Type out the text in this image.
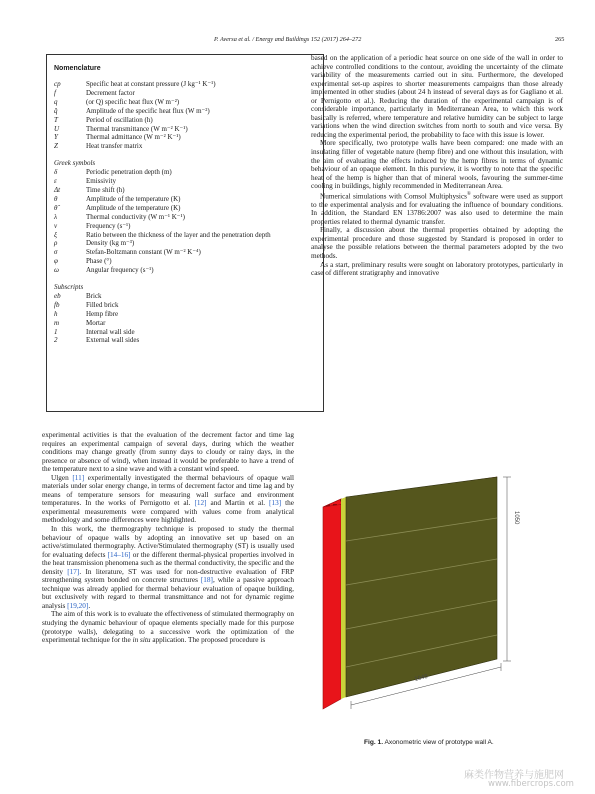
P. Aversa et al. / Energy and Buildings 152 (2017) 264–272	265
Nomenclature
cp	Specific heat at constant pressure (J kg⁻¹ K⁻¹)
f	Decrement factor
q	(or Q) specific heat flux (W m⁻²)
q̂	Amplitude of the specific heat flux (W m⁻²)
T	Period of oscillation (h)
U	Thermal transmittance (W m⁻² K⁻¹)
Y	Thermal admittance (W m⁻² K⁻¹)
Z	Heat transfer matrix
Greek symbols
δ	Periodic penetration depth (m)
ε	Emissivity
Δt	Time shift (h)
θ	Amplitude of the temperature (K)
θ̂	Amplitude of the temperature (K)
λ	Thermal conductivity (W m⁻¹ K⁻¹)
ν	Frequency (s⁻¹)
ξ	Ratio between the thickness of the layer and the penetration depth
ρ	Density (kg m⁻³)
σ	Stefan-Boltzmann constant (W m⁻² K⁻⁴)
φ	Phase (°)
ω	Angular frequency (s⁻¹)
Subscripts
eb	Brick
fb	Filled brick
h	Hemp fibre
m	Mortar
1	Internal wall side
2	External wall sides

experimental activities is that the evaluation of the decrement factor and time lag requires an experimental campaign of several days, during which the weather conditions may change greatly (from sunny days to cloudy or rainy days, in the presence or absence of wind), when instead it would be preferable to have a trend of the temperature next to a sine wave and with a constant wind speed.

Ulgen [11] experimentally investigated the thermal behaviours of opaque wall materials under solar energy change, in terms of decrement factor and time lag and by means of temperature sensors for measuring wall surface and environment temperatures. In the works of Pernigotto et al. [12] and Martin et al. [13] the experimental measurements were compared with values come from analytical methodology and some differences were highlighted.

In this work, the thermography technique is proposed to study the thermal behaviour of opaque walls by adopting an innovative set up based on an active/stimulated thermography. Active/Stimulated thermography (ST) is usually used for evaluating defects [14–16] or the different thermal-physical properties involved in the heat transmission phenomena such as the thermal conductivity, the specific and the density [17]. In literature, ST was used for non-destructive evaluation of FRP strengthening system bonded on concrete structures [18], while a passive approach technique was already applied for thermal behaviour evaluation of opaque building, but exclusively with regard to thermal transmittance and not for dynamic regime analysis [19,20].

The aim of this work is to evaluate the effectiveness of stimulated thermography on studying the dynamic behaviour of opaque elements specially made for this purpose (prototype walls), delegating to a successive work the optimization of the experimental technique for the in situ application. The proposed procedure is

based on the application of a periodic heat source on one side of the wall in order to achieve controlled conditions to the contour, avoiding the uncertainty of the climate variability of the measurements carried out in situ. Furthermore, the developed experimental set-up aspires to shorter measurements campaigns than those already implemented in other studies (about 24 h instead of several days as for Gagliano et al. or Pernigotto et al.). Reducing the duration of the experimental campaign is of considerable importance, particularly in Mediterranean Area, to which this work basically is referred, where temperature and relative humidity can be subject to large variations when the wind direction switches from north to south and vice versa. By reducing the experimental period, the probability to face with this issue is lower.

More specifically, two prototype walls have been compared: one made with an insulating filler of vegetable nature (hemp fibre) and one without this insulation, with the aim of evaluating the effects induced by the hemp fibres in terms of dynamic behaviour of an opaque element. In this purview, it is worthy to note that the specific heat of the hemp is higher than that of mineral wools, favouring the summer-time cooling in buildings, highly recommended in Mediterranean Area.

Numerical simulations with Comsol Multiphysics® software were used as support to the experimental analysis and for evaluating the influence of boundary conditions. In addition, the Standard EN 13786:2007 was also used to determine the main properties related to thermal dynamic transfer.

Finally, a discussion about the thermal properties obtained by adopting the experimental procedure and those suggested by Standard is proposed in order to analyse the possible relations between the thermal parameters adopted by the two methods.

As a start, preliminary results were sought on laboratory prototypes, particularly in case of different stratigraphy and innovative

1050
1040
Fig. 1. Axonometric view of prototype wall A.
麻类作物营养与施肥网
www.fibercrops.com
